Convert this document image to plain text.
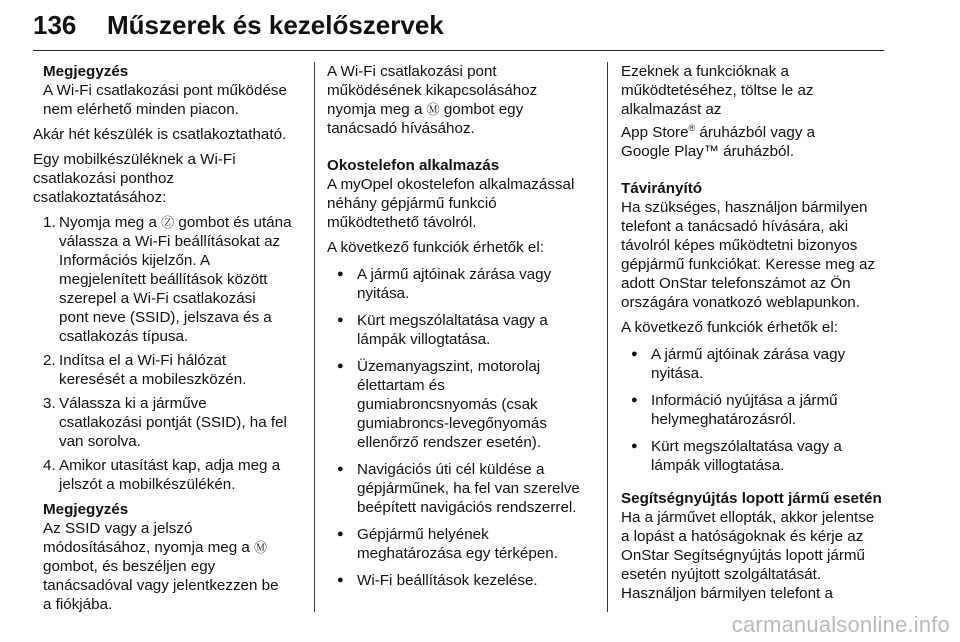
136 Műszerek és kezelőszervek
Megjegyzés
A Wi-Fi csatlakozási pont működése
nem elérhető minden piacon.
Akár hét készülék is csatlakoztatható.
Egy mobilkészüléknek a Wi-Fi
csatlakozási ponthoz
csatlakoztatásához:
1. Nyomja meg a Ⓩ gombot és utána
válassza a Wi-Fi beállításokat az
Információs kijelzőn. A
megjelenített beállítások között
szerepel a Wi-Fi csatlakozási
pont neve (SSID), jelszava és a
csatlakozás típusa.
2. Indítsa el a Wi-Fi hálózat
keresését a mobileszközén.
3. Válassza ki a járműve
csatlakozási pontját (SSID), ha fel
van sorolva.
4. Amikor utasítást kap, adja meg a
jelszót a mobilkészülékén.
Megjegyzés
Az SSID vagy a jelszó
módosításához, nyomja meg a Ⓜ
gombot, és beszéljen egy
tanácsadóval vagy jelentkezzen be
a fiókjába.
A Wi-Fi csatlakozási pont
működésének kikapcsolásához
nyomja meg a Ⓜ gombot egy
tanácsadó hívásához.
Okostelefon alkalmazás
A myOpel okostelefon alkalmazással
néhány gépjármű funkció
működtethető távolról.
A következő funkciók érhetők el:
● A jármű ajtóinak zárása vagy
nyitása.
● Kürt megszólaltatása vagy a
lámpák villogtatása.
● Üzemanyagszint, motorolaj
élettartam és
gumiabroncsnyomás (csak
gumiabroncs-levegőnyomás
ellenőrző rendszer esetén).
● Navigációs úti cél küldése a
gépjárműnek, ha fel van szerelve
beépített navigációs rendszerrel.
● Gépjármű helyének
meghatározása egy térképen.
● Wi-Fi beállítások kezelése.
Ezeknek a funkcióknak a
működtetéséhez, töltse le az
alkalmazást az
App Store® áruházból vagy a
Google Play™ áruházból.
Távirányító
Ha szükséges, használjon bármilyen
telefont a tanácsadó hívására, aki
távolról képes működtetni bizonyos
gépjármű funkciókat. Keresse meg az
adott OnStar telefonszámot az Ön
országára vonatkozó weblapunkon.
A következő funkciók érhetők el:
● A jármű ajtóinak zárása vagy
nyitása.
● Információ nyújtása a jármű
helymeghatározásról.
● Kürt megszólaltatása vagy a
lámpák villogtatása.
Segítségnyújtás lopott jármű esetén
Ha a járművet ellopták, akkor jelentse
a lopást a hatóságoknak és kérje az
OnStar Segítségnyújtás lopott jármű
esetén nyújtott szolgáltatását.
Használjon bármilyen telefont a
carmanualsonline.info
